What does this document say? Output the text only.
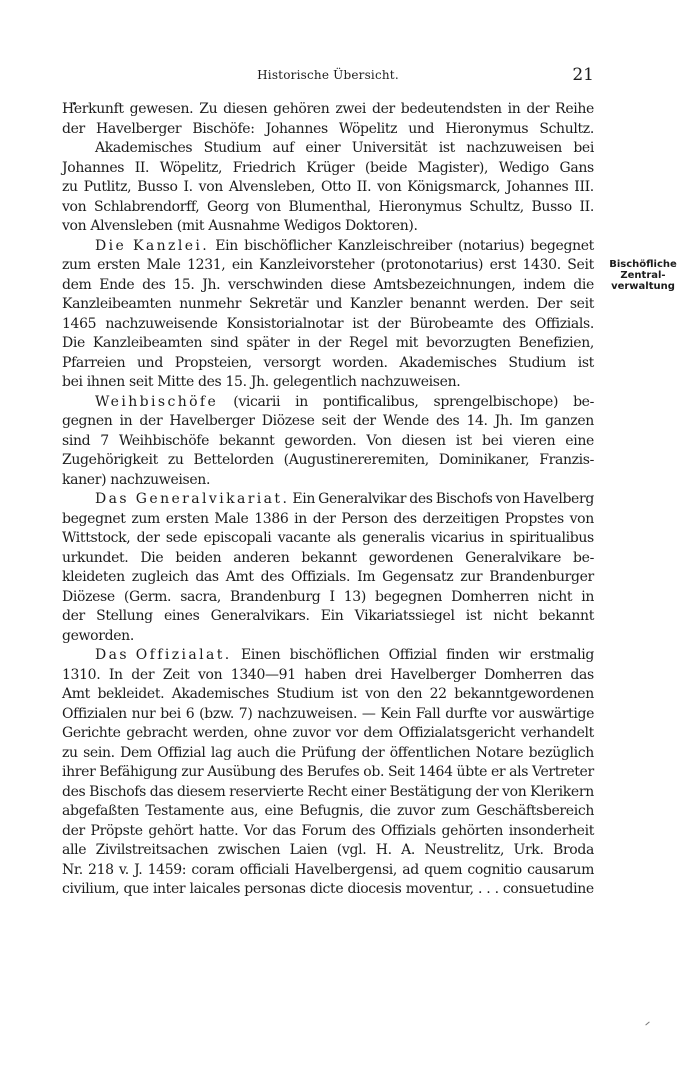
Historische Übersicht.	21
Herkunft gewesen. Zu diesen gehören zwei der bedeutendsten in der Reihe
der Havelberger Bischöfe: Johannes Wöpelitz und Hieronymus Schultz.
Akademisches Studium auf einer Universität ist nachzuweisen bei
Johannes II. Wöpelitz, Friedrich Krüger (beide Magister), Wedigo Gans
zu Putlitz, Busso I. von Alvensleben, Otto II. von Königsmarck, Johannes III.
von Schlabrendorff, Georg von Blumenthal, Hieronymus Schultz, Busso II.
von
Alvensleben
(mit
Ausnahme
Wedigos
Doktoren).
Die Kanzlei. Ein bischöflicher Kanzleischreiber (notarius) begegnet
zum ersten Male 1231, ein Kanzleivorsteher (protonotarius) erst 1430. Seit
dem Ende des 15. Jh. verschwinden diese Amtsbezeichnungen, indem die
Kanzleibeamten nunmehr Sekretär und Kanzler benannt werden. Der seit
1465 nachzuweisende Konsistorialnotar ist der Bürobeamte des Offizials.
Die Kanzleibeamten sind später in der Regel mit bevorzugten Benefizien,
Pfarreien und Propsteien, versorgt worden. Akademisches Studium ist
bei
ihnen
seit
Mitte
des
15.
Jh.
gelegentlich
nachzuweisen.
Weihbischöfe (vicarii in pontificalibus, sprengelbischope) be-
gegnen in der Havelberger Diözese seit der Wende des 14. Jh. Im ganzen
sind 7 Weihbischöfe bekannt geworden. Von diesen ist bei vieren eine
Zugehörigkeit zu Bettelorden (Augustinereremiten, Dominikaner, Franzis-
kaner)
nachzuweisen.
Das Generalvikariat. Ein Generalvikar des Bischofs von Havelberg
begegnet zum ersten Male 1386 in der Person des derzeitigen Propstes von
Wittstock, der sede episcopali vacante als generalis vicarius in spiritualibus
urkundet. Die beiden anderen bekannt gewordenen Generalvikare be-
kleideten zugleich das Amt des Offizials. Im Gegensatz zur Brandenburger
Diözese (Germ. sacra, Brandenburg I 13) begegnen Domherren nicht in
der Stellung eines Generalvikars. Ein Vikariatssiegel ist nicht bekannt
geworden.
Das Offizialat. Einen bischöflichen Offizial finden wir erstmalig
1310. In der Zeit von 1340—91 haben drei Havelberger Domherren das
Amt bekleidet. Akademisches Studium ist von den 22 bekanntgewordenen
Offizialen nur bei 6 (bzw. 7) nachzuweisen. — Kein Fall durfte vor auswärtige
Gerichte gebracht werden, ohne zuvor vor dem Offizialatsgericht verhandelt
zu sein. Dem Offizial lag auch die Prüfung der öffentlichen Notare bezüglich
ihrer Befähigung zur Ausübung des Berufes ob. Seit 1464 übte er als Vertreter
des Bischofs das diesem reservierte Recht einer Bestätigung der von Klerikern
abgefaßten Testamente aus, eine Befugnis, die zuvor zum Geschäftsbereich
der Pröpste gehört hatte. Vor das Forum des Offizials gehörten insonderheit
alle Zivilstreitsachen zwischen Laien (vgl. H. A. Neustrelitz, Urk. Broda
Nr. 218 v. J. 1459: coram officiali Havelbergensi, ad quem cognitio causarum
civilium, que inter laicales personas dicte diocesis moventur, . . . consuetudine
Bischöfliche
Zentral-
verwaltung
